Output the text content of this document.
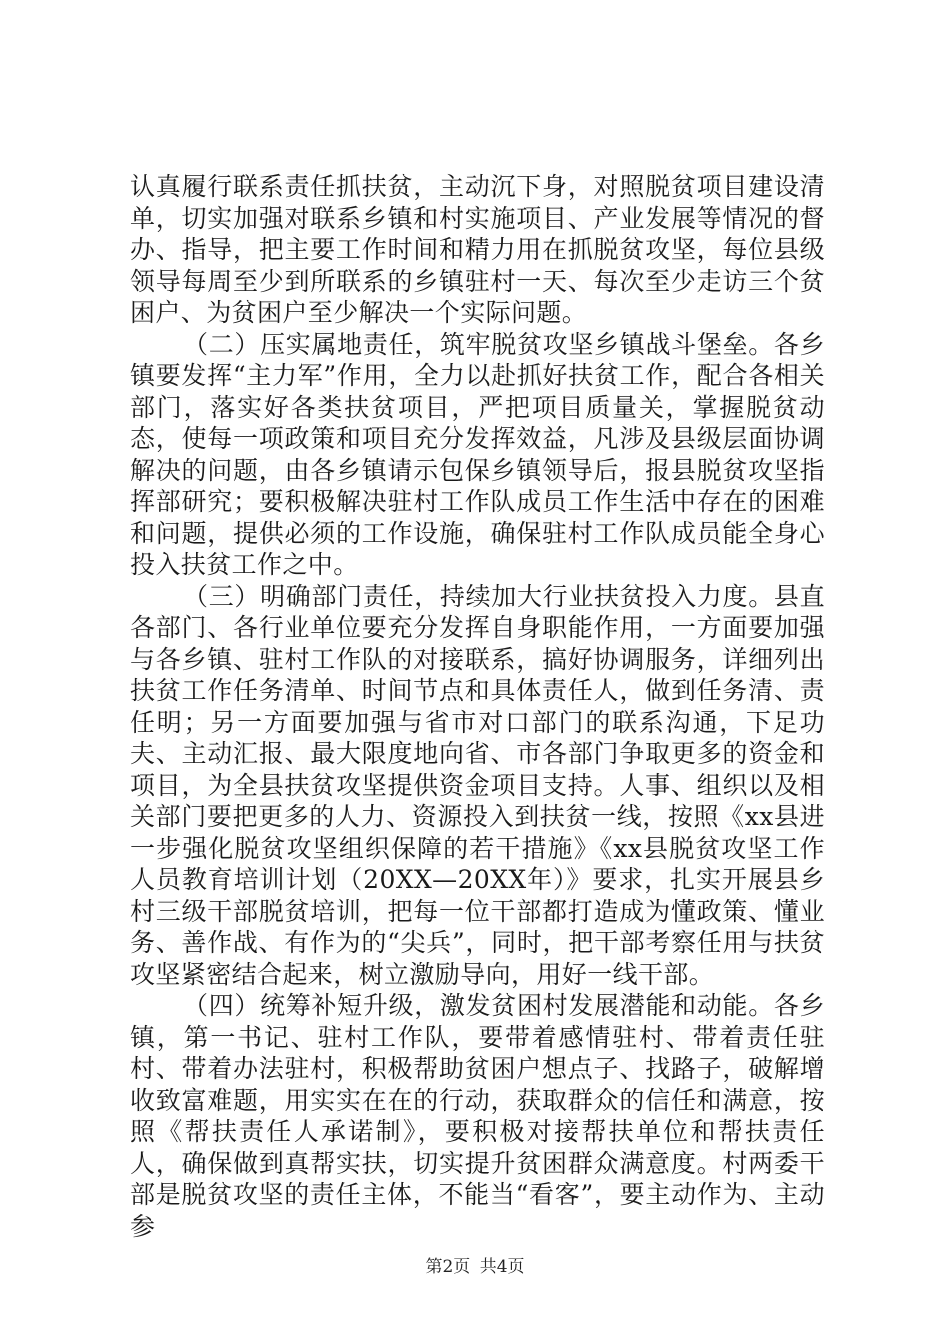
认真履行联系责任抓扶贫，主动沉下身，对照脱贫项目建设清单，切实加强对联系乡镇和村实施项目、产业发展等情况的督办、指导，把主要工作时间和精力用在抓脱贫攻坚，每位县级领导每周至少到所联系的乡镇驻村一天、每次至少走访三个贫困户、为贫困户至少解决一个实际问题。

（二）压实属地责任，筑牢脱贫攻坚乡镇战斗堡垒。各乡镇要发挥“主力军”作用，全力以赴抓好扶贫工作，配合各相关部门，落实好各类扶贫项目，严把项目质量关，掌握脱贫动态，使每一项政策和项目充分发挥效益，凡涉及县级层面协调解决的问题，由各乡镇请示包保乡镇领导后，报县脱贫攻坚指挥部研究；要积极解决驻村工作队成员工作生活中存在的困难和问题，提供必须的工作设施，确保驻村工作队成员能全身心投入扶贫工作之中。

（三）明确部门责任，持续加大行业扶贫投入力度。县直各部门、各行业单位要充分发挥自身职能作用，一方面要加强与各乡镇、驻村工作队的对接联系，搞好协调服务，详细列出扶贫工作任务清单、时间节点和具体责任人，做到任务清、责任明；另一方面要加强与省市对口部门的联系沟通，下足功夫、主动汇报、最大限度地向省、市各部门争取更多的资金和项目，为全县扶贫攻坚提供资金项目支持。人事、组织以及相关部门要把更多的人力、资源投入到扶贫一线，按照《xx县进一步强化脱贫攻坚组织保障的若干措施》《xx县脱贫攻坚工作人员教育培训计划（20XX—20XX年）》要求，扎实开展县乡村三级干部脱贫培训，把每一位干部都打造成为懂政策、懂业务、善作战、有作为的“尖兵”，同时，把干部考察任用与扶贫攻坚紧密结合起来，树立激励导向，用好一线干部。

（四）统筹补短升级，激发贫困村发展潜能和动能。各乡镇，第一书记、驻村工作队，要带着感情驻村、带着责任驻村、带着办法驻村，积极帮助贫困户想点子、找路子，破解增收致富难题，用实实在在的行动，获取群众的信任和满意，按照《帮扶责任人承诺制》，要积极对接帮扶单位和帮扶责任人，确保做到真帮实扶，切实提升贫困群众满意度。村两委干部是脱贫攻坚的责任主体，不能当“看客”，要主动作为、主动参

第2页 共4页
